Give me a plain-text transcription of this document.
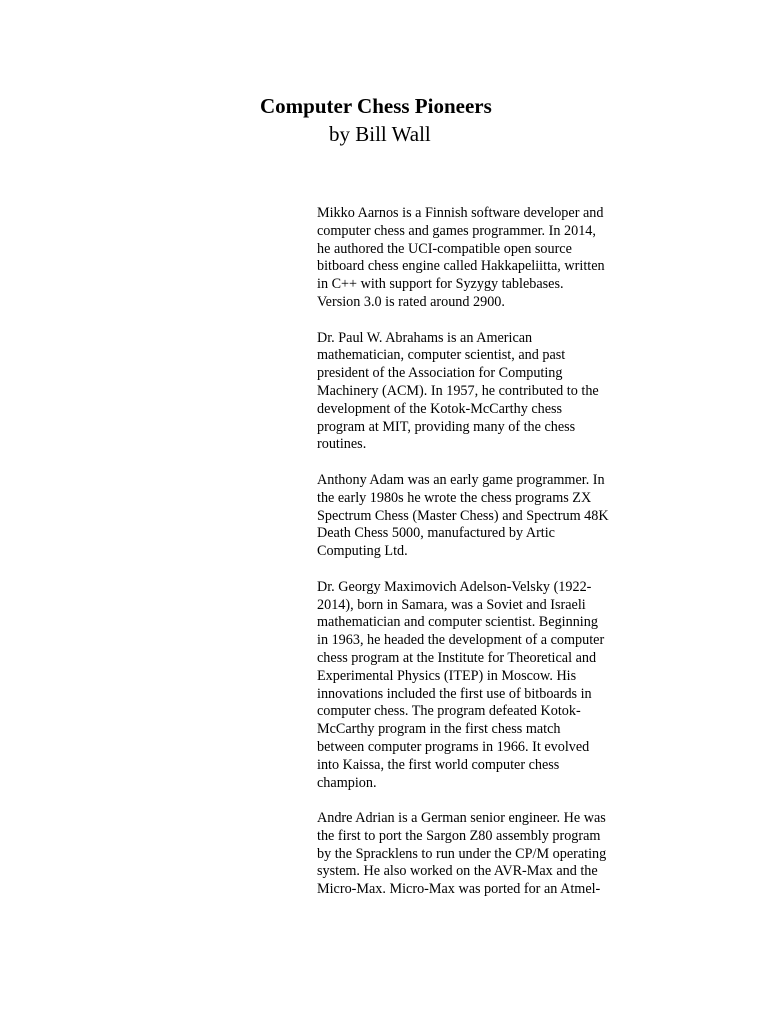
Computer Chess Pioneers
by Bill Wall

Mikko Aarnos is a Finnish software developer and
computer chess and games programmer. In 2014,
he authored the UCI-compatible open source
bitboard chess engine called Hakkapeliitta, written
in C++ with support for Syzygy tablebases.
Version 3.0 is rated around 2900.

Dr. Paul W. Abrahams is an American
mathematician, computer scientist, and past
president of the Association for Computing
Machinery (ACM). In 1957, he contributed to the
development of the Kotok-McCarthy chess
program at MIT, providing many of the chess
routines.

Anthony Adam was an early game programmer. In
the early 1980s he wrote the chess programs ZX
Spectrum Chess (Master Chess) and Spectrum 48K
Death Chess 5000, manufactured by Artic
Computing Ltd.

Dr. Georgy Maximovich Adelson-Velsky (1922-
2014), born in Samara, was a Soviet and Israeli
mathematician and computer scientist. Beginning
in 1963, he headed the development of a computer
chess program at the Institute for Theoretical and
Experimental Physics (ITEP) in Moscow. His
innovations included the first use of bitboards in
computer chess. The program defeated Kotok-
McCarthy program in the first chess match
between computer programs in 1966. It evolved
into Kaissa, the first world computer chess
champion.

Andre Adrian is a German senior engineer. He was
the first to port the Sargon Z80 assembly program
by the Spracklens to run under the CP/M operating
system. He also worked on the AVR-Max and the
Micro-Max. Micro-Max was ported for an Atmel-
